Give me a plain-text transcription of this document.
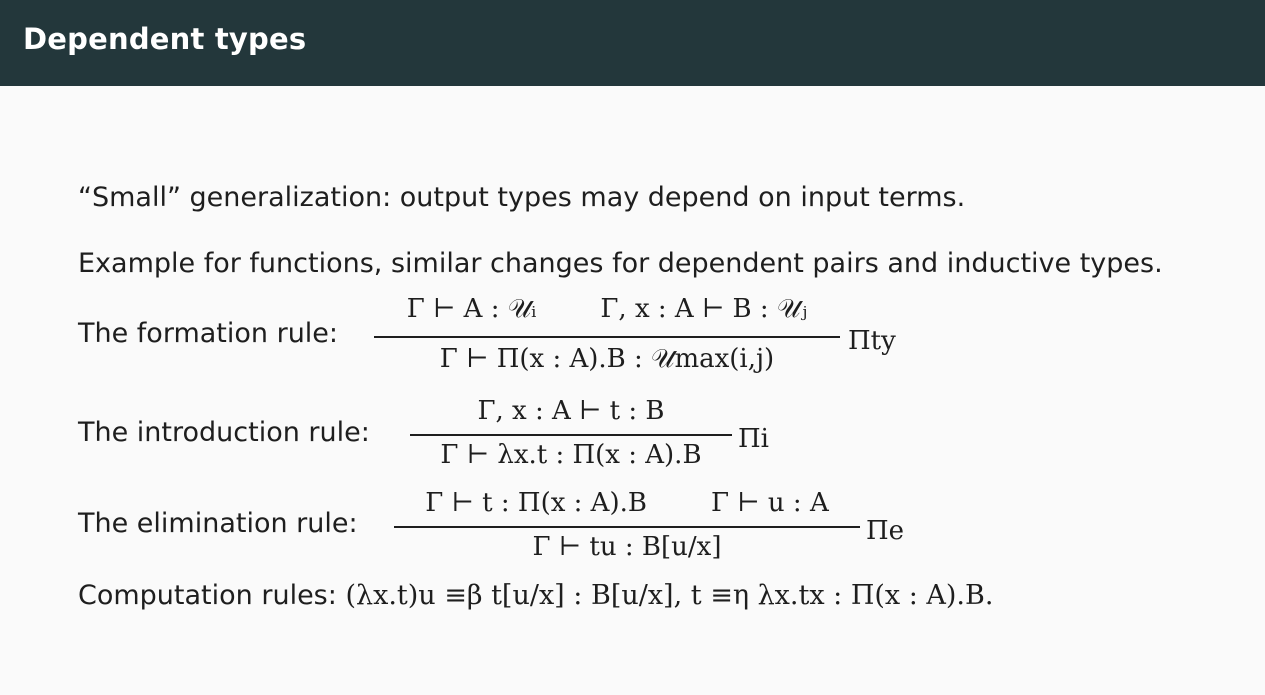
Dependent types
“Small” generalization: output types may depend on input terms.
Example for functions, similar changes for dependent pairs and inductive types.
The formation rule:
Γ ⊢ A : 𝒰ᵢ Γ, x : A ⊢ B : 𝒰ⱼ
Γ ⊢ Π(x : A).B : 𝒰max(i,j)
Πty
The introduction rule:
Γ, x : A ⊢ t : B
Γ ⊢ λx.t : Π(x : A).B
Πi
The elimination rule:
Γ ⊢ t : Π(x : A).B Γ ⊢ u : A
Γ ⊢ tu : B[u/x]
Πe
Computation rules: (λx.t)u ≡β t[u/x] : B[u/x], t ≡η λx.tx : Π(x : A).B.
